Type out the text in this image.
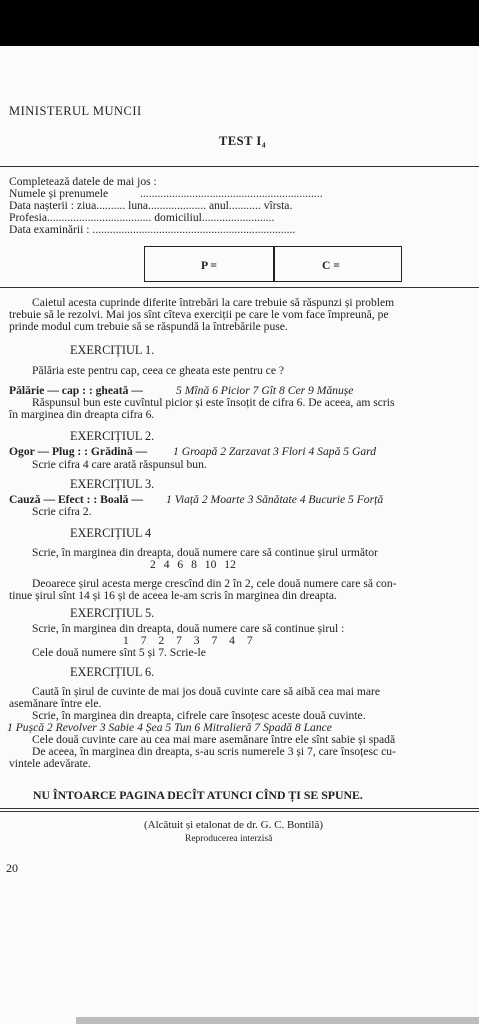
MINISTERUL MUNCII
TEST I₄
Completează datele de mai jos :
Numele și prenumele	...............................................................
Data nașterii : ziua.......... luna.................... anul........... vîrsta.
Profesia.................................... domiciliul.........................
Data examinării : ......................................................................
P =	C =
Caietul acesta cuprinde diferite întrebări la care trebuie să răspunzi și problem
trebuie să le rezolvi. Mai jos sînt cîteva exerciții pe care le vom face împreună, pe
prinde modul cum trebuie să se răspundă la întrebările puse.
EXERCIȚIUL 1.
Pălăria este pentru cap, ceea ce gheata este pentru ce ?
Pălărie — cap : : gheată —	5 Mînă 6 Picior 7 Gît 8 Cer 9 Mănușe
Răspunsul bun este cuvîntul picior și este însoțit de cifra 6. De aceea, am scris
în marginea din dreapta cifra 6.
EXERCIȚIUL 2.
Ogor — Plug : : Grădină — 1 Groapă 2 Zarzavat 3 Flori 4 Sapă 5 Gard
Scrie cifra 4 care arată răspunsul bun.
EXERCIȚIUL 3.
Cauză — Efect : : Boală — 1 Viață 2 Moarte 3 Sănătate 4 Bucurie 5 Forță
Scrie cifra 2.
EXERCIȚIUL 4
Scrie, în marginea din dreapta, două numere care să continue șirul următor
2 4 6 8 10 12
Deoarece șirul acesta merge crescînd din 2 în 2, cele două numere care să con-
tinue șirul sînt 14 și 16 și de aceea le-am scris în marginea din dreapta.
EXERCIȚIUL 5.
Scrie, în marginea din dreapta, două numere care să continue șirul :
1 7 2 7 3 7 4 7
Cele două numere sînt 5 și 7. Scrie-le
EXERCIȚIUL 6.
Caută în șirul de cuvinte de mai jos două cuvinte care să aibă cea mai mare
asemănare între ele.
Scrie, în marginea din dreapta, cifrele care însoțesc aceste două cuvinte.
1 Pușcă 2 Revolver 3 Sabie 4 Șea 5 Tun 6 Mitralieră 7 Spadă 8 Lance
Cele două cuvinte care au cea mai mare asemănare între ele sînt sabie și spadă
De aceea, în marginea din dreapta, s-au scris numerele 3 și 7, care însoțesc cu-
vintele adevărate.
NU ÎNTOARCE PAGINA DECÎT ATUNCI CÎND ȚI SE SPUNE.
(Alcătuit și etalonat de dr. G. C. Bontilă)
Reproducerea interzisă
20
